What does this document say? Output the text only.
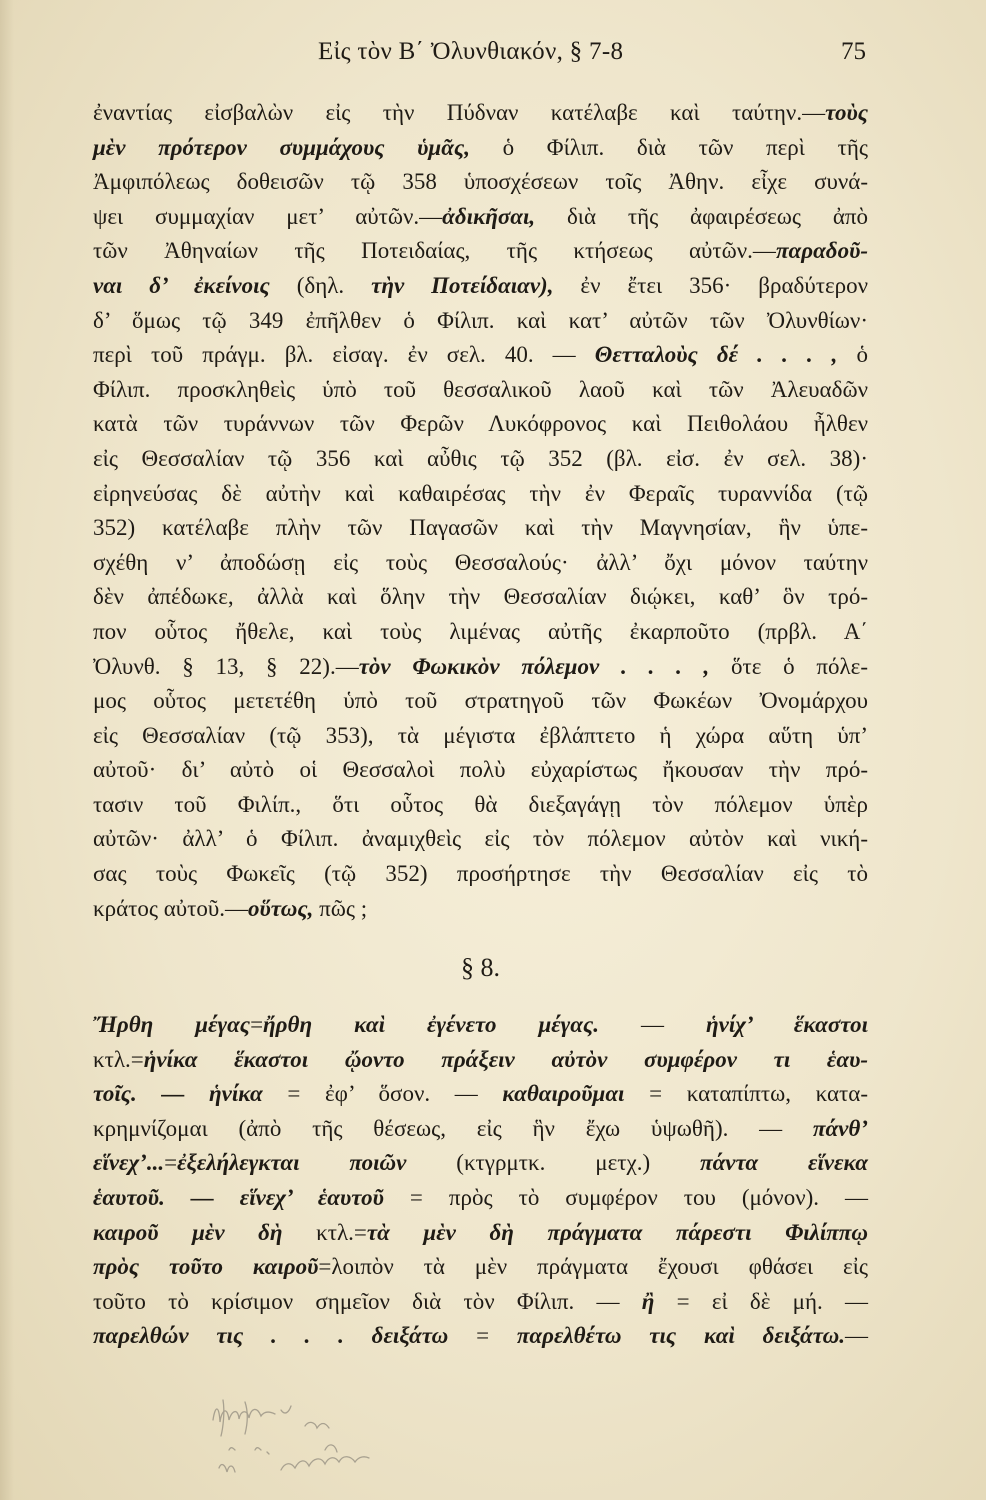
Εἰς τὸν Β΄ Ὀλυνθιακόν, § 7-8	75
ἐναντίας εἰσβαλὼν εἰς τὴν Πύδναν κατέλαβε καὶ ταύτην.—τοὺς
μὲν πρότερον συμμάχους ὑμᾶς, ὁ Φίλιπ. διὰ τῶν περὶ τῆς
Ἀμφιπόλεως δοθεισῶν τῷ 358 ὑποσχέσεων τοῖς Ἀθην. εἶχε συνά-
ψει συμμαχίαν μετ’ αὐτῶν.—ἀδικῆσαι, διὰ τῆς ἀφαιρέσεως ἀπὸ
τῶν Ἀθηναίων τῆς Ποτειδαίας, τῆς κτήσεως αὐτῶν.—παραδοῦ-
ναι δ’ ἐκείνοις (δηλ. τὴν Ποτείδαιαν), ἐν ἔτει 356· βραδύτερον
δ’ ὅμως τῷ 349 ἐπῆλθεν ὁ Φίλιπ. καὶ κατ’ αὐτῶν τῶν Ὀλυνθίων·
περὶ τοῦ πράγμ. βλ. εἰσαγ. ἐν σελ. 40. — Θετταλοὺς δέ . . . , ὁ
Φίλιπ. προσκληθεὶς ὑπὸ τοῦ θεσσαλικοῦ λαοῦ καὶ τῶν Ἀλευαδῶν
κατὰ τῶν τυράννων τῶν Φερῶν Λυκόφρονος καὶ Πειθολάου ἦλθεν
εἰς Θεσσαλίαν τῷ 356 καὶ αὖθις τῷ 352 (βλ. εἰσ. ἐν σελ. 38)·
εἰρηνεύσας δὲ αὐτὴν καὶ καθαιρέσας τὴν ἐν Φεραῖς τυραννίδα (τῷ
352) κατέλαβε πλὴν τῶν Παγασῶν καὶ τὴν Μαγνησίαν, ἣν ὑπε-
σχέθη ν’ ἀποδώσῃ εἰς τοὺς Θεσσαλούς· ἀλλ’ ὄχι μόνον ταύτην
δὲν ἀπέδωκε, ἀλλὰ καὶ ὅλην τὴν Θεσσαλίαν διῴκει, καθ’ ὃν τρό-
πον οὗτος ἤθελε, καὶ τοὺς λιμένας αὐτῆς ἐκαρποῦτο (πρβλ. Α΄
Ὀλυνθ. § 13, § 22).—τὸν Φωκικὸν πόλεμον . . . , ὅτε ὁ πόλε-
μος οὗτος μετετέθη ὑπὸ τοῦ στρατηγοῦ τῶν Φωκέων Ὀνομάρχου
εἰς Θεσσαλίαν (τῷ 353), τὰ μέγιστα ἐβλάπτετο ἡ χώρα αὕτη ὑπ’
αὐτοῦ· δι’ αὐτὸ οἱ Θεσσαλοὶ πολὺ εὐχαρίστως ἤκουσαν τὴν πρό-
τασιν τοῦ Φιλίπ., ὅτι οὗτος θὰ διεξαγάγῃ τὸν πόλεμον ὑπὲρ
αὐτῶν· ἀλλ’ ὁ Φίλιπ. ἀναμιχθεὶς εἰς τὸν πόλεμον αὐτὸν καὶ νική-
σας τοὺς Φωκεῖς (τῷ 352) προσήρτησε τὴν Θεσσαλίαν εἰς τὸ
κράτος αὐτοῦ.—οὕτως, πῶς ;
§ 8.
Ἤρθη μέγας=ἤρθη καὶ ἐγένετο μέγας. — ἡνίχ’ ἕκαστοι
κτλ.=ἡνίκα ἕκαστοι ᾤοντο πράξειν αὐτὸν συμφέρον τι ἑαυ-
τοῖς. — ἡνίκα = ἐφ’ ὅσον. — καθαιροῦμαι = καταπίπτω, κατα-
κρημνίζομαι (ἀπὸ τῆς θέσεως, εἰς ἣν ἔχω ὑψωθῆ). — πάνθ’
εἵνεχ’...=ἐξελήλεγκται ποιῶν (κτγρμτκ. μετχ.) πάντα εἵνεκα
ἑαυτοῦ. — εἵνεχ’ ἑαυτοῦ = πρὸς τὸ συμφέρον του (μόνον). —
καιροῦ μὲν δὴ κτλ.=τὰ μὲν δὴ πράγματα πάρεστι Φιλίππῳ
πρὸς τοῦτο καιροῦ=λοιπὸν τὰ μὲν πράγματα ἔχουσι φθάσει εἰς
τοῦτο τὸ κρίσιμον σημεῖον διὰ τὸν Φίλιπ. — ἢ = εἰ δὲ μή. —
παρελθών τις . . . δειξάτω = παρελθέτω τις καὶ δειξάτω.—
